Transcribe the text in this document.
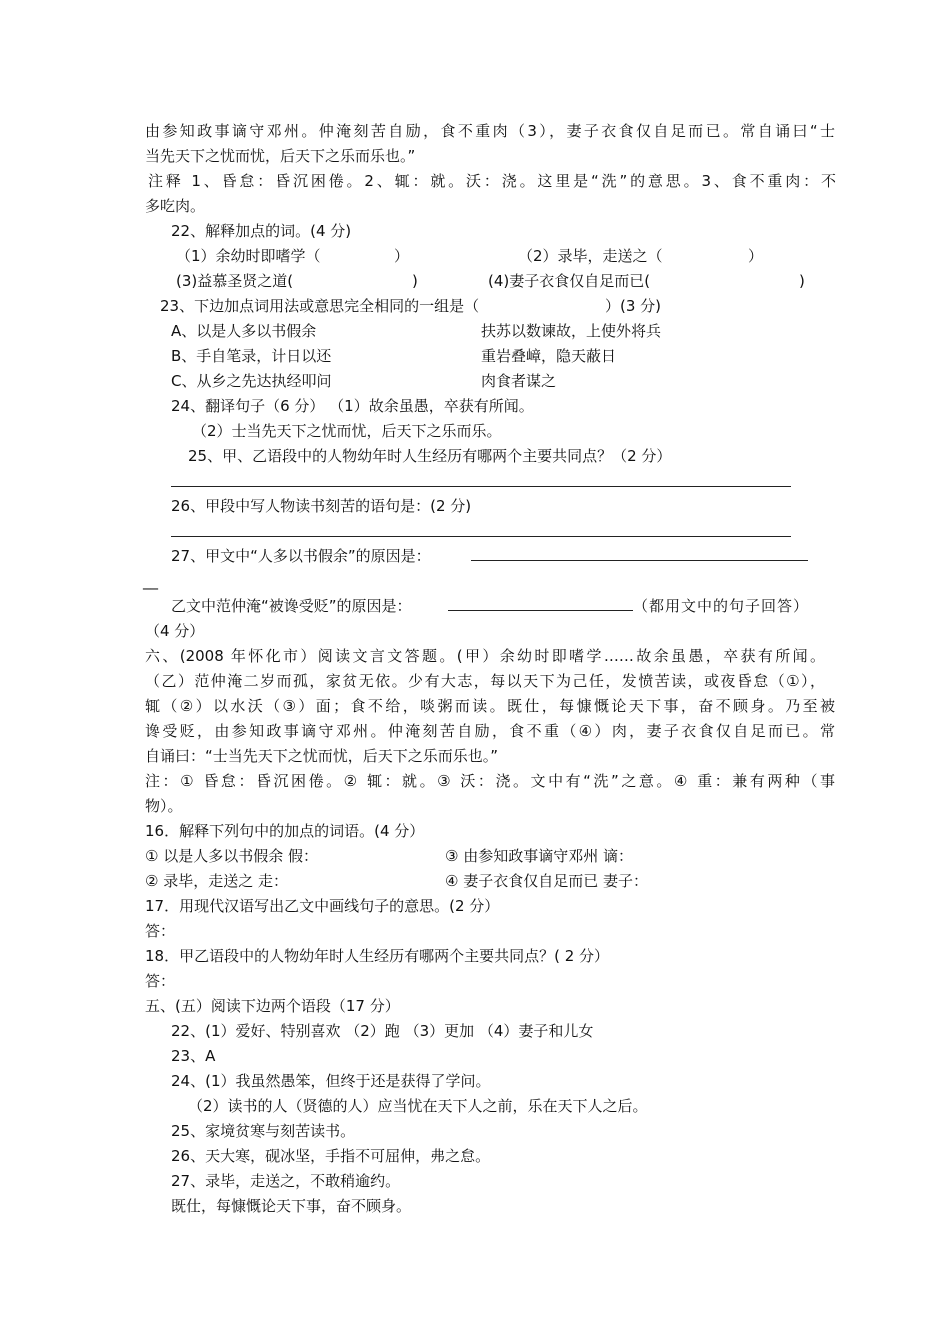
由参知政事谪守邓州。仲淹刻苦自励，食不重肉（3），妻子衣食仅自足而已。常自诵曰“士
当先天下之忧而忧，后天下之乐而乐也。”
注释 1、昏怠：昏沉困倦。2、辄：就。沃：浇。这里是“洗”的意思。3、食不重肉：不
多吃肉。
22、解释加点的词。(4 分)
（1）余幼时即嗜学（	）	（2）录毕，走送之（	）
(3)益慕圣贤之道(	)	(4)妻子衣食仅自足而已(	)
23、下边加点词用法或意思完全相同的一组是（	）(3 分)
A、以是人多以书假余	扶苏以数谏故，上使外将兵
B、手自笔录，计日以还	重岩叠嶂，隐天蔽日
C、从乡之先达执经叩问	肉食者谋之
24、翻译句子（6 分） （1）故余虽愚，卒获有所闻。
（2）士当先天下之忧而忧，后天下之乐而乐。
25、甲、乙语段中的人物幼年时人生经历有哪两个主要共同点？（2 分）
26、甲段中写人物读书刻苦的语句是：(2 分)
27、甲文中“人多以书假余”的原因是：
__
乙文中范仲淹“被谗受贬”的原因是：	（都用文中的句子回答）
（4 分）
六、(2008 年怀化市）阅读文言文答题。(甲）余幼时即嗜学……故余虽愚，卒获有所闻。
（乙）范仲淹二岁而孤，家贫无依。少有大志，每以天下为己任，发愤苦读，或夜昏怠（①），
辄（②）以水沃（③）面；食不给，啖粥而读。既仕，每慷慨论天下事，奋不顾身。乃至被
谗受贬，由参知政事谪守邓州。仲淹刻苦自励，食不重（④）肉，妻子衣食仅自足而已。常
自诵曰：“士当先天下之忧而忧，后天下之乐而乐也。”
注：① 昏怠：昏沉困倦。② 辄：就。③ 沃：浇。文中有“洗”之意。④ 重：兼有两种（事
物）。
16．解释下列句中的加点的词语。(4 分）
① 以是人多以书假余 假：	③ 由参知政事谪守邓州 谪：
② 录毕，走送之 走：	④ 妻子衣食仅自足而已 妻子：
17．用现代汉语写出乙文中画线句子的意思。(2 分）
答：
18．甲乙语段中的人物幼年时人生经历有哪两个主要共同点？( 2 分）
答：
五、(五）阅读下边两个语段（17 分）
22、(1）爱好、特别喜欢 （2）跑 （3）更加 （4）妻子和儿女
23、A
24、(1）我虽然愚笨，但终于还是获得了学问。
（2）读书的人（贤德的人）应当忧在天下人之前，乐在天下人之后。
25、家境贫寒与刻苦读书。
26、天大寒，砚冰坚，手指不可屈伸，弗之怠。
27、录毕，走送之，不敢稍逾约。
既仕，每慷慨论天下事，奋不顾身。
